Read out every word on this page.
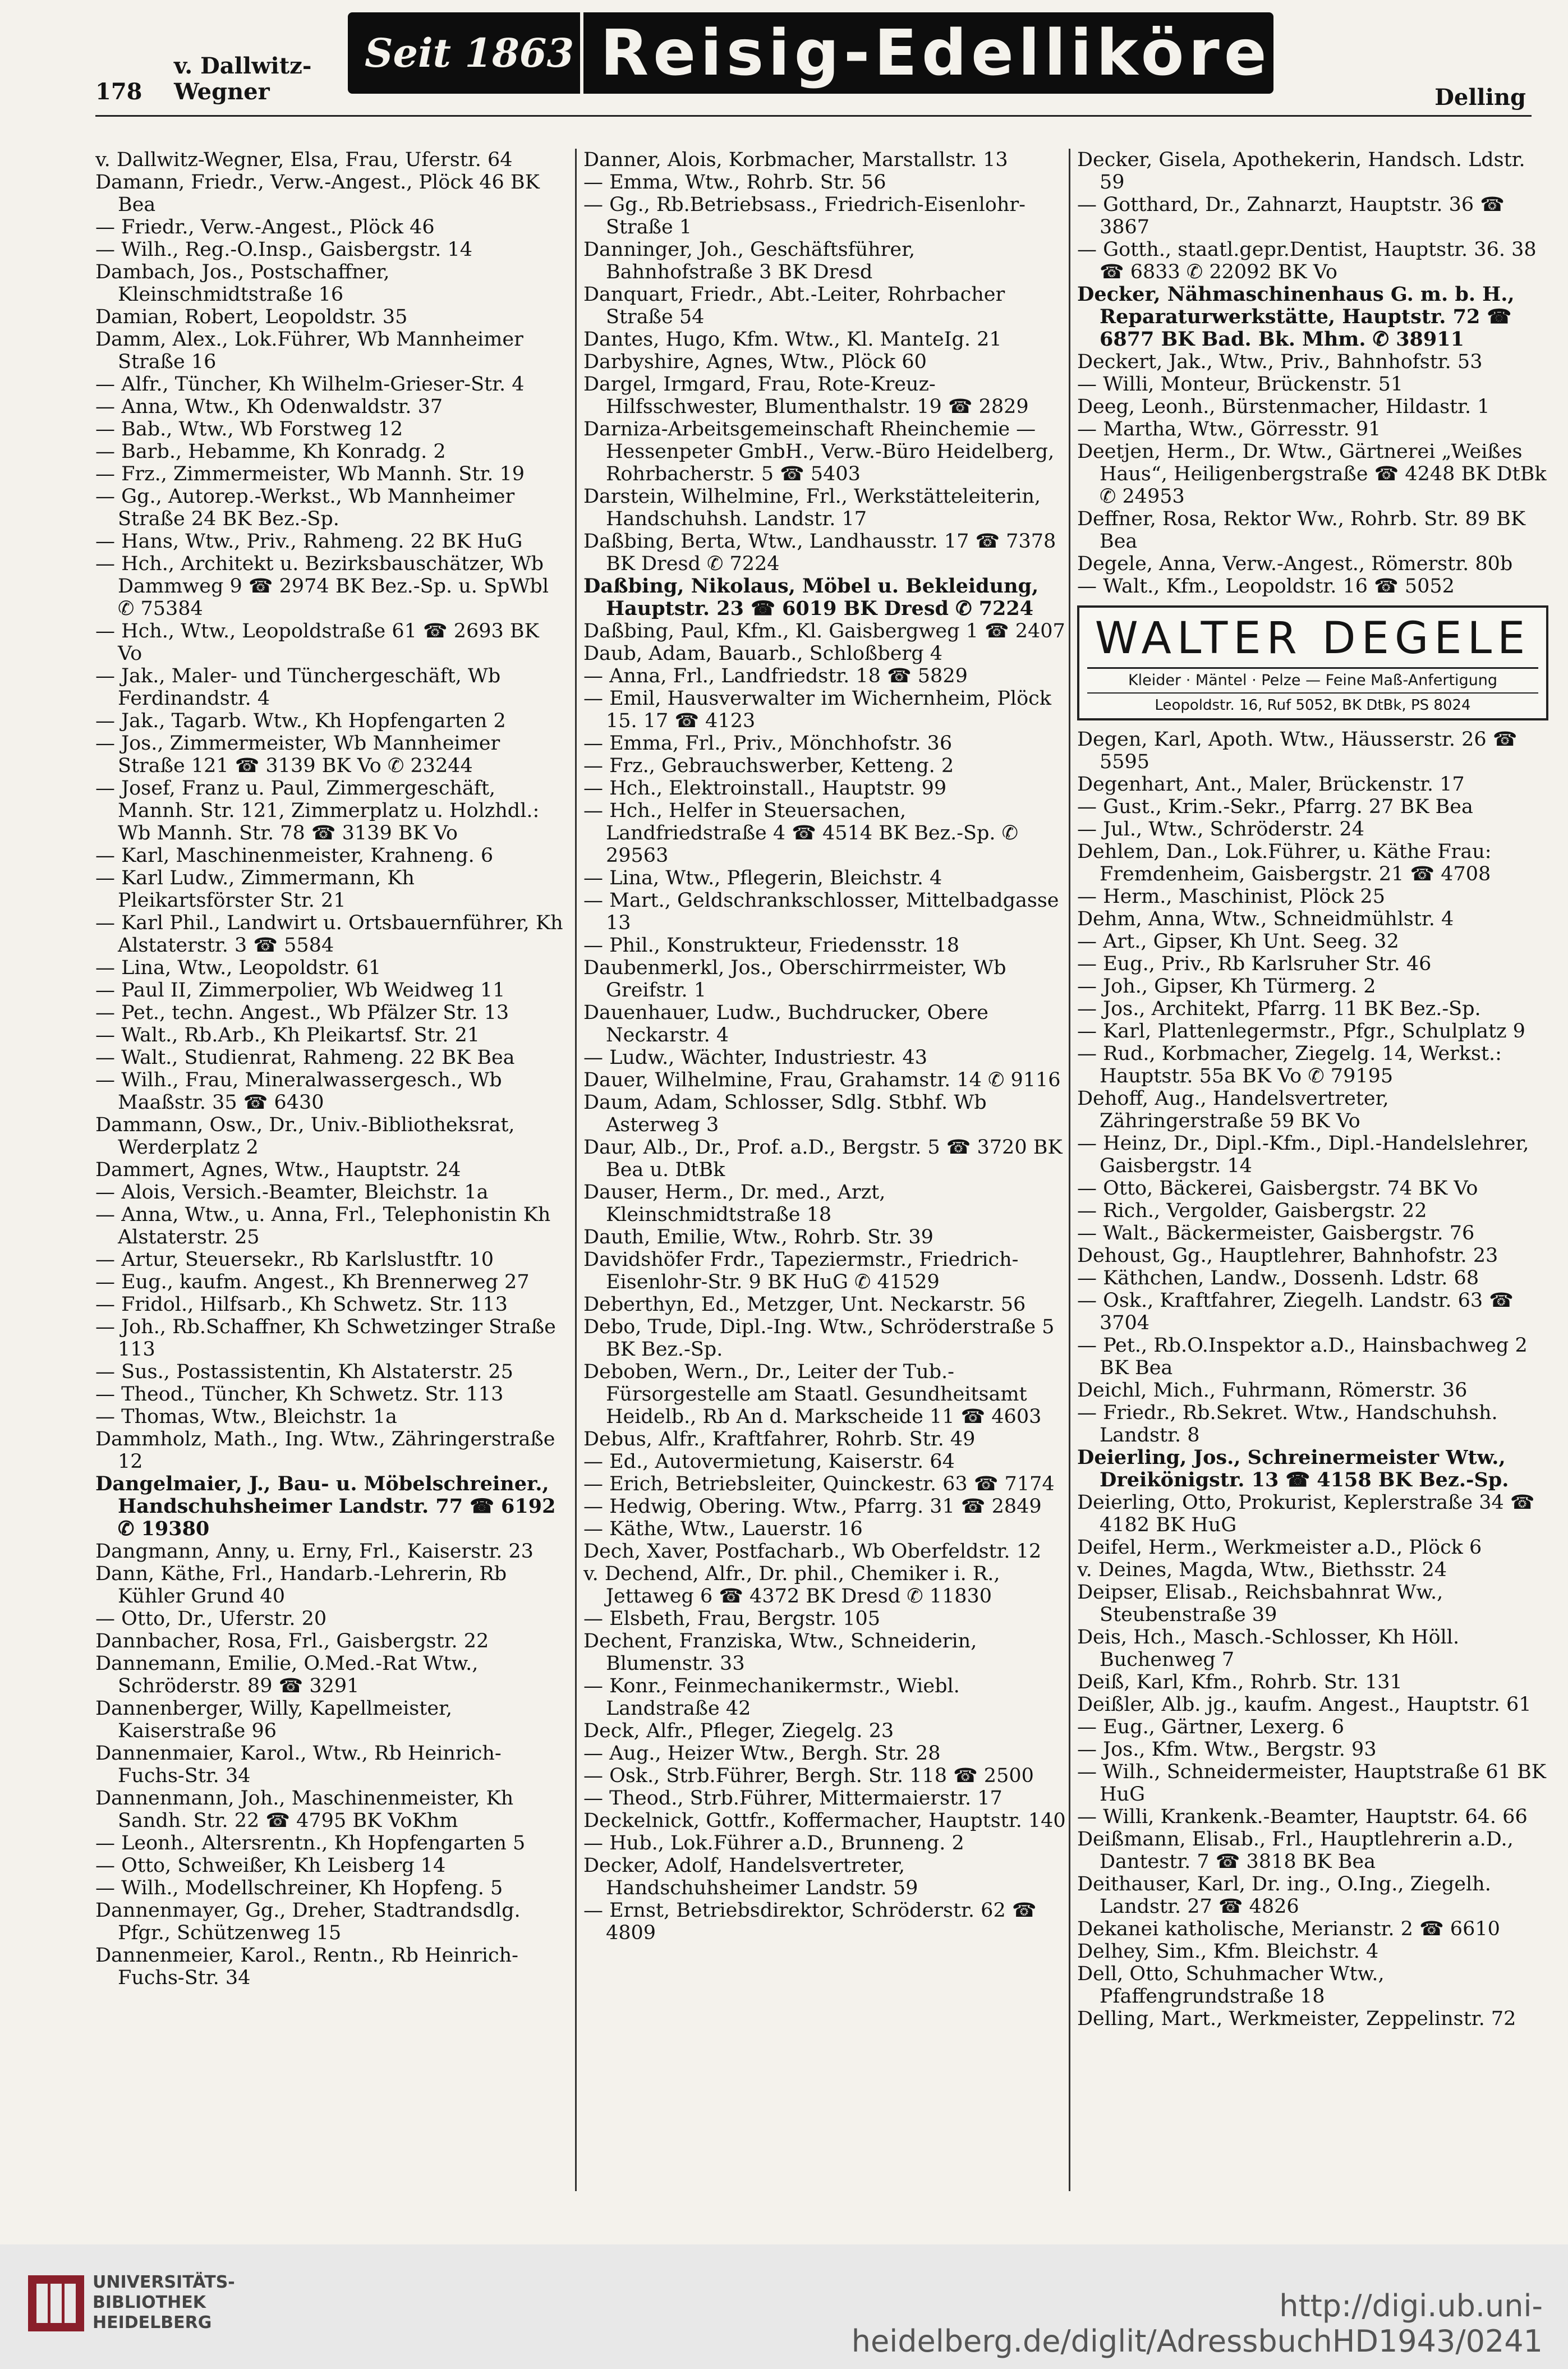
v. Dallwitz-
178 Wegner
Seit 1863 Reisig-Edelliköre
Delling
v. Dallwitz-Wegner, Elsa, Frau, Uferstr. 64
Damann, Friedr., Verw.-Angest., Plöck 46 BK Bea
— Friedr., Verw.-Angest., Plöck 46
— Wilh., Reg.-O.Insp., Gaisbergstr. 14
Dambach, Jos., Postschaffner, Kleinschmidtstraße 16
Damian, Robert, Leopoldstr. 35
Damm, Alex., Lok.Führer, Wb Mannheimer Straße 16
— Alfr., Tüncher, Kh Wilhelm-Grieser-Str. 4
— Anna, Wtw., Kh Odenwaldstr. 37
— Bab., Wtw., Wb Forstweg 12
— Barb., Hebamme, Kh Konradg. 2
— Frz., Zimmermeister, Wb Mannh. Str. 19
— Gg., Autorep.-Werkst., Wb Mannheimer Straße 24 BK Bez.-Sp.
— Hans, Wtw., Priv., Rahmeng. 22 BK HuG
— Hch., Architekt u. Bezirksbauschätzer, Wb Dammweg 9 ☎ 2974 BK Bez.-Sp. u. SpWbl ✆ 75384
— Hch., Wtw., Leopoldstraße 61 ☎ 2693 BK Vo
— Jak., Maler- und Tünchergeschäft, Wb Ferdinandstr. 4
— Jak., Tagarb. Wtw., Kh Hopfengarten 2
— Jos., Zimmermeister, Wb Mannheimer Straße 121 ☎ 3139 BK Vo ✆ 23244
— Josef, Franz u. Paul, Zimmergeschäft, Mannh. Str. 121, Zimmerplatz u. Holzhdl.: Wb Mannh. Str. 78 ☎ 3139 BK Vo
— Karl, Maschinenmeister, Krahneng. 6
— Karl Ludw., Zimmermann, Kh Pleikartsförster Str. 21
— Karl Phil., Landwirt u. Ortsbauernführer, Kh Alstaterstr. 3 ☎ 5584
— Lina, Wtw., Leopoldstr. 61
— Paul II, Zimmerpolier, Wb Weidweg 11
— Pet., techn. Angest., Wb Pfälzer Str. 13
— Walt., Rb.Arb., Kh Pleikartsf. Str. 21
— Walt., Studienrat, Rahmeng. 22 BK Bea
— Wilh., Frau, Mineralwassergesch., Wb Maaßstr. 35 ☎ 6430
Dammann, Osw., Dr., Univ.-Bibliotheksrat, Werderplatz 2
Dammert, Agnes, Wtw., Hauptstr. 24
— Alois, Versich.-Beamter, Bleichstr. 1a
— Anna, Wtw., u. Anna, Frl., Telephonistin Kh Alstaterstr. 25
— Artur, Steuersekr., Rb Karlslustftr. 10
— Eug., kaufm. Angest., Kh Brennerweg 27
— Fridol., Hilfsarb., Kh Schwetz. Str. 113
— Joh., Rb.Schaffner, Kh Schwetzinger Straße 113
— Sus., Postassistentin, Kh Alstaterstr. 25
— Theod., Tüncher, Kh Schwetz. Str. 113
— Thomas, Wtw., Bleichstr. 1a
Dammholz, Math., Ing. Wtw., Zähringerstraße 12
Dangelmaier, J., Bau- u. Möbelschreiner., Handschuhsheimer Landstr. 77 ☎ 6192 ✆ 19380
Dangmann, Anny, u. Erny, Frl., Kaiserstr. 23
Dann, Käthe, Frl., Handarb.-Lehrerin, Rb Kühler Grund 40
— Otto, Dr., Uferstr. 20
Dannbacher, Rosa, Frl., Gaisbergstr. 22
Dannemann, Emilie, O.Med.-Rat Wtw., Schröderstr. 89 ☎ 3291
Dannenberger, Willy, Kapellmeister, Kaiserstraße 96
Dannenmaier, Karol., Wtw., Rb Heinrich-Fuchs-Str. 34
Dannenmann, Joh., Maschinenmeister, Kh Sandh. Str. 22 ☎ 4795 BK VoKhm
— Leonh., Altersrentn., Kh Hopfengarten 5
— Otto, Schweißer, Kh Leisberg 14
— Wilh., Modellschreiner, Kh Hopfeng. 5
Dannenmayer, Gg., Dreher, Stadtrandsdlg. Pfgr., Schützenweg 15
Dannenmeier, Karol., Rentn., Rb Heinrich-Fuchs-Str. 34
Danner, Alois, Korbmacher, Marstallstr. 13
— Emma, Wtw., Rohrb. Str. 56
— Gg., Rb.Betriebsass., Friedrich-Eisenlohr-Straße 1
Danninger, Joh., Geschäftsführer, Bahnhofstraße 3 BK Dresd
Danquart, Friedr., Abt.-Leiter, Rohrbacher Straße 54
Dantes, Hugo, Kfm. Wtw., Kl. ManteIg. 21
Darbyshire, Agnes, Wtw., Plöck 60
Dargel, Irmgard, Frau, Rote-Kreuz-Hilfsschwester, Blumenthalstr. 19 ☎ 2829
Darniza-Arbeitsgemeinschaft Rheinchemie — Hessenpeter GmbH., Verw.-Büro Heidelberg, Rohrbacherstr. 5 ☎ 5403
Darstein, Wilhelmine, Frl., Werkstätteleiterin, Handschuhsh. Landstr. 17
Daßbing, Berta, Wtw., Landhausstr. 17 ☎ 7378 BK Dresd ✆ 7224
Daßbing, Nikolaus, Möbel u. Bekleidung, Hauptstr. 23 ☎ 6019 BK Dresd ✆ 7224
Daßbing, Paul, Kfm., Kl. Gaisbergweg 1 ☎ 2407
Daub, Adam, Bauarb., Schloßberg 4
— Anna, Frl., Landfriedstr. 18 ☎ 5829
— Emil, Hausverwalter im Wichernheim, Plöck 15. 17 ☎ 4123
— Emma, Frl., Priv., Mönchhofstr. 36
— Frz., Gebrauchswerber, Ketteng. 2
— Hch., Elektroinstall., Hauptstr. 99
— Hch., Helfer in Steuersachen, Landfriedstraße 4 ☎ 4514 BK Bez.-Sp. ✆ 29563
— Lina, Wtw., Pflegerin, Bleichstr. 4
— Mart., Geldschrankschlosser, Mittelbadgasse 13
— Phil., Konstrukteur, Friedensstr. 18
Daubenmerkl, Jos., Oberschirrmeister, Wb Greifstr. 1
Dauenhauer, Ludw., Buchdrucker, Obere Neckarstr. 4
— Ludw., Wächter, Industriestr. 43
Dauer, Wilhelmine, Frau, Grahamstr. 14 ✆ 9116
Daum, Adam, Schlosser, Sdlg. Stbhf. Wb Asterweg 3
Daur, Alb., Dr., Prof. a.D., Bergstr. 5 ☎ 3720 BK Bea u. DtBk
Dauser, Herm., Dr. med., Arzt, Kleinschmidtstraße 18
Dauth, Emilie, Wtw., Rohrb. Str. 39
Davidshöfer Frdr., Tapeziermstr., Friedrich-Eisenlohr-Str. 9 BK HuG ✆ 41529
Deberthyn, Ed., Metzger, Unt. Neckarstr. 56
Debo, Trude, Dipl.-Ing. Wtw., Schröderstraße 5 BK Bez.-Sp.
Deboben, Wern., Dr., Leiter der Tub.-Fürsorgestelle am Staatl. Gesundheitsamt Heidelb., Rb An d. Markscheide 11 ☎ 4603
Debus, Alfr., Kraftfahrer, Rohrb. Str. 49
— Ed., Autovermietung, Kaiserstr. 64
— Erich, Betriebsleiter, Quinckestr. 63 ☎ 7174
— Hedwig, Obering. Wtw., Pfarrg. 31 ☎ 2849
— Käthe, Wtw., Lauerstr. 16
Dech, Xaver, Postfacharb., Wb Oberfeldstr. 12
v. Dechend, Alfr., Dr. phil., Chemiker i. R., Jettaweg 6 ☎ 4372 BK Dresd ✆ 11830
— Elsbeth, Frau, Bergstr. 105
Dechent, Franziska, Wtw., Schneiderin, Blumenstr. 33
— Konr., Feinmechanikermstr., Wiebl. Landstraße 42
Deck, Alfr., Pfleger, Ziegelg. 23
— Aug., Heizer Wtw., Bergh. Str. 28
— Osk., Strb.Führer, Bergh. Str. 118 ☎ 2500
— Theod., Strb.Führer, Mittermaierstr. 17
Deckelnick, Gottfr., Koffermacher, Hauptstr. 140
— Hub., Lok.Führer a.D., Brunneng. 2
Decker, Adolf, Handelsvertreter, Handschuhsheimer Landstr. 59
— Ernst, Betriebsdirektor, Schröderstr. 62 ☎ 4809
Decker, Gisela, Apothekerin, Handsch. Ldstr. 59
— Gotthard, Dr., Zahnarzt, Hauptstr. 36 ☎ 3867
— Gotth., staatl.gepr.Dentist, Hauptstr. 36. 38 ☎ 6833 ✆ 22092 BK Vo
Decker, Nähmaschinenhaus G. m. b. H., Reparaturwerkstätte, Hauptstr. 72 ☎ 6877 BK Bad. Bk. Mhm. ✆ 38911
Deckert, Jak., Wtw., Priv., Bahnhofstr. 53
— Willi, Monteur, Brückenstr. 51
Deeg, Leonh., Bürstenmacher, Hildastr. 1
— Martha, Wtw., Görresstr. 91
Deetjen, Herm., Dr. Wtw., Gärtnerei „Weißes Haus“, Heiligenbergstraße ☎ 4248 BK DtBk ✆ 24953
Deffner, Rosa, Rektor Ww., Rohrb. Str. 89 BK Bea
Degele, Anna, Verw.-Angest., Römerstr. 80b
— Walt., Kfm., Leopoldstr. 16 ☎ 5052
WALTER DEGELE
Kleider · Mäntel · Pelze — Feine Maß-Anfertigung
Leopoldstr. 16, Ruf 5052, BK DtBk, PS 8024
Degen, Karl, Apoth. Wtw., Häusserstr. 26 ☎ 5595
Degenhart, Ant., Maler, Brückenstr. 17
— Gust., Krim.-Sekr., Pfarrg. 27 BK Bea
— Jul., Wtw., Schröderstr. 24
Dehlem, Dan., Lok.Führer, u. Käthe Frau: Fremdenheim, Gaisbergstr. 21 ☎ 4708
— Herm., Maschinist, Plöck 25
Dehm, Anna, Wtw., Schneidmühlstr. 4
— Art., Gipser, Kh Unt. Seeg. 32
— Eug., Priv., Rb Karlsruher Str. 46
— Joh., Gipser, Kh Türmerg. 2
— Jos., Architekt, Pfarrg. 11 BK Bez.-Sp.
— Karl, Plattenlegermstr., Pfgr., Schulplatz 9
— Rud., Korbmacher, Ziegelg. 14, Werkst.: Hauptstr. 55a BK Vo ✆ 79195
Dehoff, Aug., Handelsvertreter, Zähringerstraße 59 BK Vo
— Heinz, Dr., Dipl.-Kfm., Dipl.-Handelslehrer, Gaisbergstr. 14
— Otto, Bäckerei, Gaisbergstr. 74 BK Vo
— Rich., Vergolder, Gaisbergstr. 22
— Walt., Bäckermeister, Gaisbergstr. 76
Dehoust, Gg., Hauptlehrer, Bahnhofstr. 23
— Käthchen, Landw., Dossenh. Ldstr. 68
— Osk., Kraftfahrer, Ziegelh. Landstr. 63 ☎ 3704
— Pet., Rb.O.Inspektor a.D., Hainsbachweg 2 BK Bea
Deichl, Mich., Fuhrmann, Römerstr. 36
— Friedr., Rb.Sekret. Wtw., Handschuhsh. Landstr. 8
Deierling, Jos., Schreinermeister Wtw., Dreikönigstr. 13 ☎ 4158 BK Bez.-Sp.
Deierling, Otto, Prokurist, Keplerstraße 34 ☎ 4182 BK HuG
Deifel, Herm., Werkmeister a.D., Plöck 6
v. Deines, Magda, Wtw., Biethsstr. 24
Deipser, Elisab., Reichsbahnrat Ww., Steubenstraße 39
Deis, Hch., Masch.-Schlosser, Kh Höll. Buchenweg 7
Deiß, Karl, Kfm., Rohrb. Str. 131
Deißler, Alb. jg., kaufm. Angest., Hauptstr. 61
— Eug., Gärtner, Lexerg. 6
— Jos., Kfm. Wtw., Bergstr. 93
— Wilh., Schneidermeister, Hauptstraße 61 BK HuG
— Willi, Krankenk.-Beamter, Hauptstr. 64. 66
Deißmann, Elisab., Frl., Hauptlehrerin a.D., Dantestr. 7 ☎ 3818 BK Bea
Deithauser, Karl, Dr. ing., O.Ing., Ziegelh. Landstr. 27 ☎ 4826
Dekanei katholische, Merianstr. 2 ☎ 6610
Delhey, Sim., Kfm. Bleichstr. 4
Dell, Otto, Schuhmacher Wtw., Pfaffengrundstraße 18
Delling, Mart., Werkmeister, Zeppelinstr. 72
UNIVERSITÄTS-
BIBLIOTHEK
HEIDELBERG	http://digi.ub.uni-heidelberg.de/diglit/AdressbuchHD1943/0241
